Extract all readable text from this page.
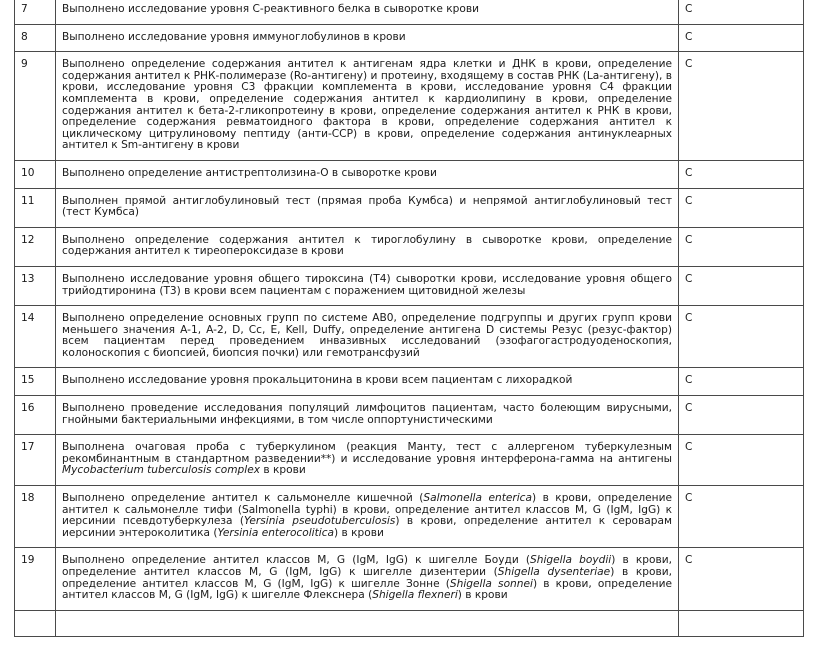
7	Выполнено исследование уровня С-реактивного белка в сыворотке крови	С
8	Выполнено исследование уровня иммуноглобулинов в крови	С
9	Выполнено определение содержания антител к антигенам ядра клетки и ДНК в крови, определение содержания антител к РНК-полимеразе (Ro-антигену) и протеину, входящему в состав РНК (La-антигену), в крови, исследование уровня С3 фракции комплемента в крови, исследование уровня С4 фракции комплемента в крови, определение содержания антител к кардиолипину в крови, определение содержания антител к бета-2-гликопротеину в крови, определение содержания антител к РНК в крови, определение содержания ревматоидного фактора в крови, определение содержания антител к циклическому цитрулиновому пептиду (анти-CCP) в крови, определение содержания антинуклеарных антител к Sm-антигену в крови	С
10	Выполнено определение антистрептолизина-О в сыворотке крови	С
11	Выполнен прямой антиглобулиновый тест (прямая проба Кумбса) и непрямой антиглобулиновый тест (тест Кумбса)	С
12	Выполнено определение содержания антител к тироглобулину в сыворотке крови, определение содержания антител к тиреопероксидазе в крови	С
13	Выполнено исследование уровня общего тироксина (Т4) сыворотки крови, исследование уровня общего трийодтиронина (Т3) в крови всем пациентам с поражением щитовидной железы	С
14	Выполнено определение основных групп по системе AB0, определение подгруппы и других групп крови меньшего значения A-1, A-2, D, Cc, E, Kell, Duffy, определение антигена D системы Резус (резус-фактор) всем пациентам перед проведением инвазивных исследований (эзофагогастродуоденоскопия, колоноскопия с биопсией, биопсия почки) или гемотрансфузий	С
15	Выполнено исследование уровня прокальцитонина в крови всем пациентам с лихорадкой	С
16	Выполнено проведение исследования популяций лимфоцитов пациентам, часто болеющим вирусными, гнойными бактериальными инфекциями, в том числе оппортунистическими	С
17	Выполнена очаговая проба с туберкулином (реакция Манту, тест с аллергеном туберкулезным рекомбинантным в стандартном разведении**) и исследование уровня интерферона-гамма на антигены Mycobacterium tuberculosis complex в крови	С
18	Выполнено определение антител к сальмонелле кишечной (Salmonella enterica) в крови, определение антител к сальмонелле тифи (Salmonella typhi) в крови, определение антител классов M, G (IgM, IgG) к иерсинии псевдотуберкулеза (Yersinia pseudotuberculosis) в крови, определение антител к сероварам иерсинии энтероколитика (Yersinia enterocolitica) в крови	С
19	Выполнено определение антител классов M, G (IgM, IgG) к шигелле Боуди (Shigella boydii) в крови, определение антител классов M, G (IgM, IgG) к шигелле дизентерии (Shigella dysenteriae) в крови, определение антител классов M, G (IgM, IgG) к шигелле Зонне (Shigella sonnei) в крови, определение антител классов M, G (IgM, IgG) к шигелле Флекснера (Shigella flexneri) в крови	С
